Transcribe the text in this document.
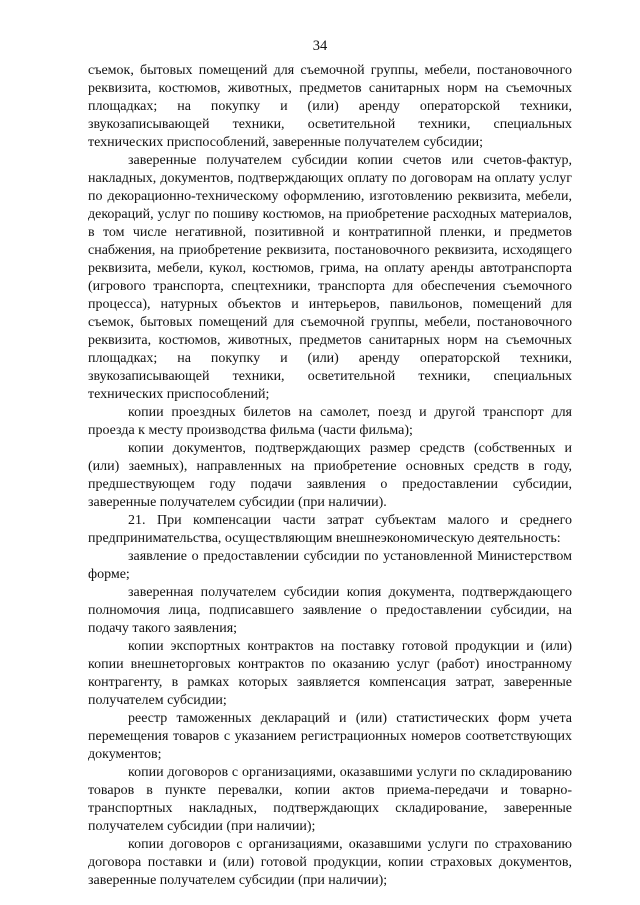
34

съемок, бытовых помещений для съемочной группы, мебели, постановочного реквизита, костюмов, животных, предметов санитарных норм на съемочных площадках; на покупку и (или) аренду операторской техники, звукозаписывающей техники, осветительной техники, специальных технических приспособлений, заверенные получателем субсидии;

заверенные получателем субсидии копии счетов или счетов-фактур, накладных, документов, подтверждающих оплату по договорам на оплату услуг по декорационно-техническому оформлению, изготовлению реквизита, мебели, декораций, услуг по пошиву костюмов, на приобретение расходных материалов, в том числе негативной, позитивной и контратипной пленки, и предметов снабжения, на приобретение реквизита, постановочного реквизита, исходящего реквизита, мебели, кукол, костюмов, грима, на оплату аренды автотранспорта (игрового транспорта, спецтехники, транспорта для обеспечения съемочного процесса), натурных объектов и интерьеров, павильонов, помещений для съемок, бытовых помещений для съемочной группы, мебели, постановочного реквизита, костюмов, животных, предметов санитарных норм на съемочных площадках; на покупку и (или) аренду операторской техники, звукозаписывающей техники, осветительной техники, специальных технических приспособлений;

копии проездных билетов на самолет, поезд и другой транспорт для проезда к месту производства фильма (части фильма);

копии документов, подтверждающих размер средств (собственных и (или) заемных), направленных на приобретение основных средств в году, предшествующем году подачи заявления о предоставлении субсидии, заверенные получателем субсидии (при наличии).

21. При компенсации части затрат субъектам малого и среднего предпринимательства, осуществляющим внешнеэкономическую деятельность:

заявление о предоставлении субсидии по установленной Министерством форме;

заверенная получателем субсидии копия документа, подтверждающего полномочия лица, подписавшего заявление о предоставлении субсидии, на подачу такого заявления;

копии экспортных контрактов на поставку готовой продукции и (или) копии внешнеторговых контрактов по оказанию услуг (работ) иностранному контрагенту, в рамках которых заявляется компенсация затрат, заверенные получателем субсидии;

реестр таможенных деклараций и (или) статистических форм учета перемещения товаров с указанием регистрационных номеров соответствующих документов;

копии договоров с организациями, оказавшими услуги по складированию товаров в пункте перевалки, копии актов приема-передачи и товарно-транспортных накладных, подтверждающих складирование, заверенные получателем субсидии (при наличии);

копии договоров с организациями, оказавшими услуги по страхованию договора поставки и (или) готовой продукции, копии страховых документов, заверенные получателем субсидии (при наличии);
